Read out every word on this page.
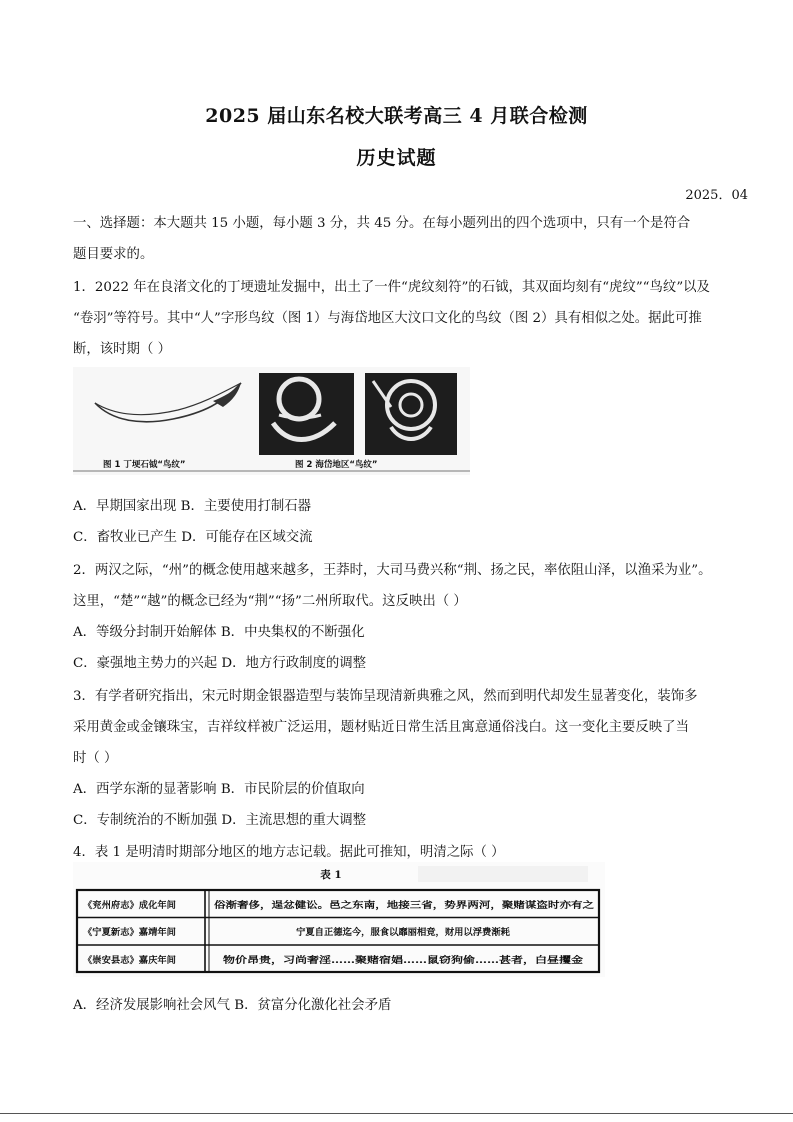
2025 届山东名校大联考高三 4 月联合检测
历史试题
2025．04
一、选择题：本大题共 15 小题，每小题 3 分，共 45 分。在每小题列出的四个选项中，只有一个是符合
题目要求的。
1．2022 年在良渚文化的丁埂遗址发掘中，出土了一件“虎纹刻符”的石钺，其双面均刻有“虎纹”“鸟纹”以及
“卷羽”等符号。其中“人”字形鸟纹（图 1）与海岱地区大汶口文化的鸟纹（图 2）具有相似之处。据此可推
断，该时期（ ）
图 1 丁埂石钺“鸟纹”	图 2 海岱地区“鸟纹”
A．早期国家出现 B．主要使用打制石器
C．畜牧业已产生 D．可能存在区域交流
2．两汉之际，“州”的概念使用越来越多，王莽时，大司马费兴称“荆、扬之民，率依阻山泽，以渔采为业”。
这里，“楚”“越”的概念已经为“荆”“扬”二州所取代。这反映出（ ）
A．等级分封制开始解体 B．中央集权的不断强化
C．豪强地主势力的兴起 D．地方行政制度的调整
3．有学者研究指出，宋元时期金银器造型与装饰呈现清新典雅之风，然而到明代却发生显著变化，装饰多
采用黄金或金镶珠宝，吉祥纹样被广泛运用，题材贴近日常生活且寓意通俗浅白。这一变化主要反映了当
时（ ）
A．西学东渐的显著影响 B．市民阶层的价值取向
C．专制统治的不断加强 D．主流思想的重大调整
4．表 1 是明清时期部分地区的地方志记载。据此可推知，明清之际（ ）
表 1
《兖州府志》成化年间	俗渐奢侈，逞忿健讼。邑之东南，地接三省，势界两河，聚赌谋盗时亦有之
《宁夏新志》嘉靖年间	宁夏自正德迄今，服食以靡丽相竞，财用以浮费渐耗
《崇安县志》嘉庆年间	物价昂贵，习尚奢淫……聚赌宿娼……鼠窃狗偷……甚者，白昼攫金
A．经济发展影响社会风气 B．贫富分化激化社会矛盾
